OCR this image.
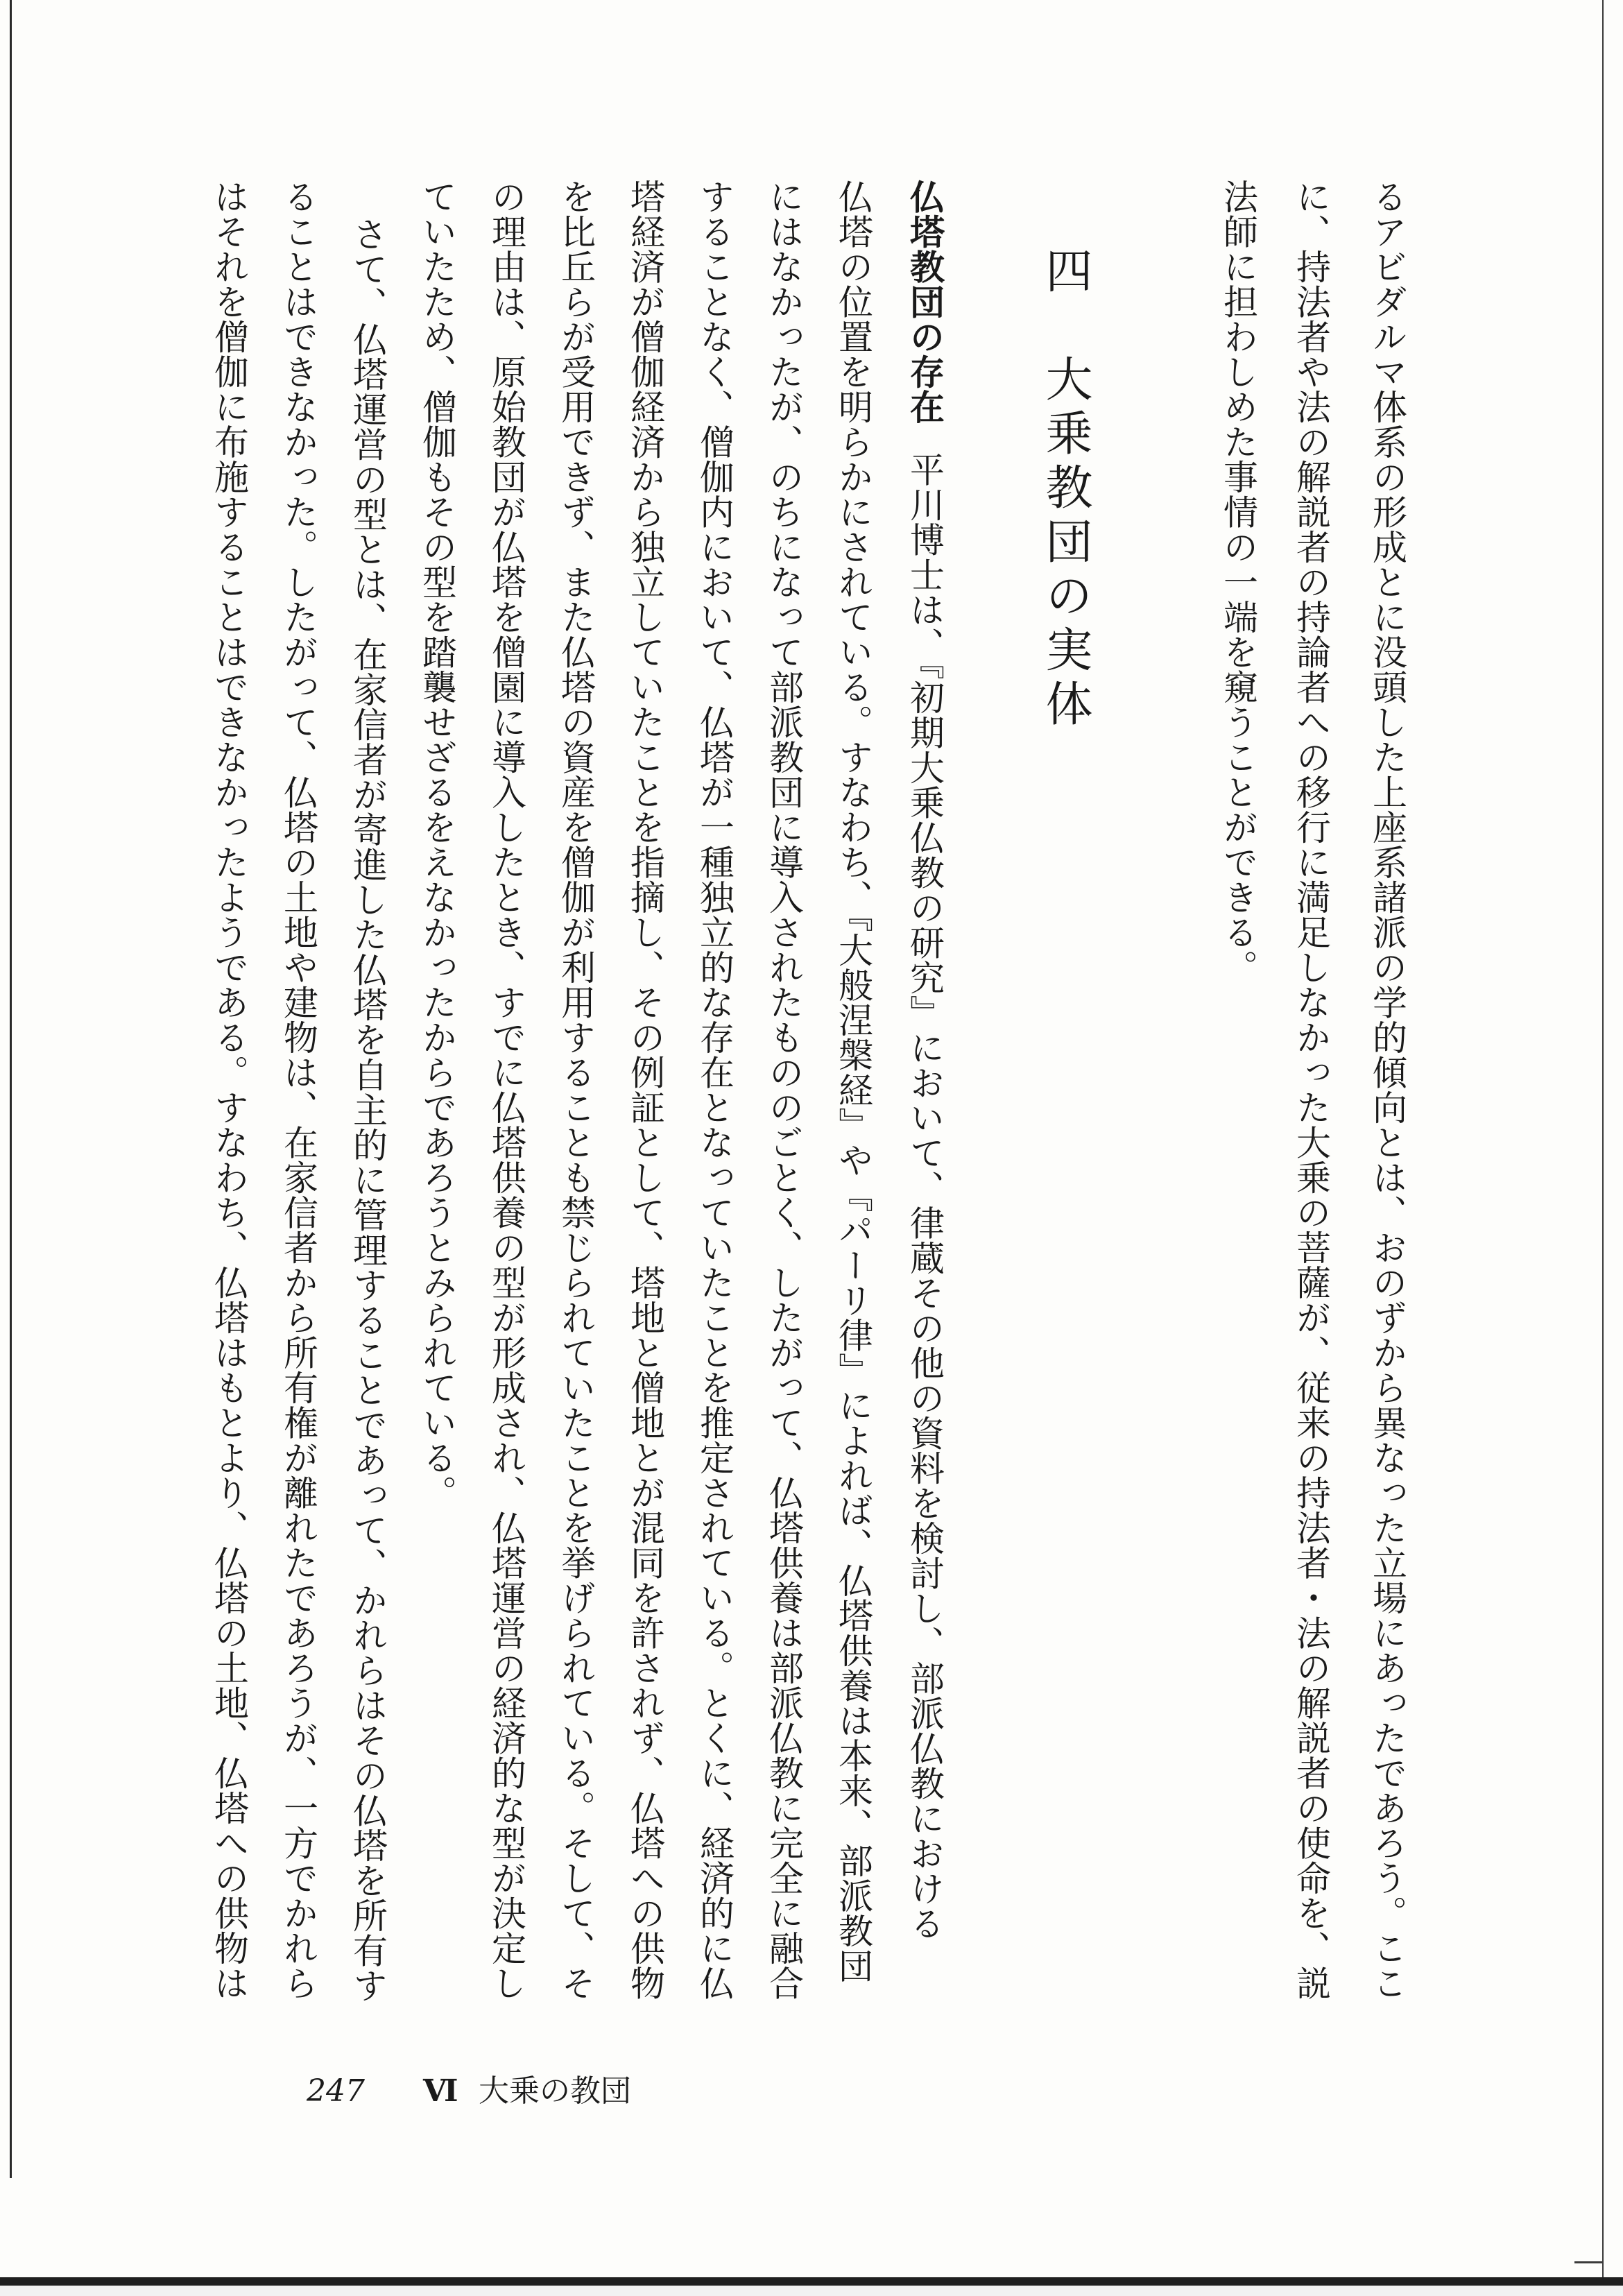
るアビダルマ体系の形成とに没頭した上座系諸派の学的傾向とは、おのずから異なった立場にあったであろう。ここ
に、持法者や法の解説者の持論者への移行に満足しなかった大乗の菩薩が、従来の持法者・法の解説者の使命を、説
法師に担わしめた事情の一端を窺うことができる。
四　大乗教団の実体
仏塔教団の存在平川博士は、『初期大乗仏教の研究』において、律蔵その他の資料を検討し、部派仏教における
仏塔の位置を明らかにされている。すなわち、『大般涅槃経』や『パーリ律』によれば、仏塔供養は本来、部派教団
にはなかったが、のちになって部派教団に導入されたもののごとく、したがって、仏塔供養は部派仏教に完全に融合
することなく、僧伽内において、仏塔が一種独立的な存在となっていたことを推定されている。とくに、経済的に仏
塔経済が僧伽経済から独立していたことを指摘し、その例証として、塔地と僧地とが混同を許されず、仏塔への供物
を比丘らが受用できず、また仏塔の資産を僧伽が利用することも禁じられていたことを挙げられている。そして、そ
の理由は、原始教団が仏塔を僧園に導入したとき、すでに仏塔供養の型が形成され、仏塔運営の経済的な型が決定し
ていたため、僧伽もその型を踏襲せざるをえなかったからであろうとみられている。
さて、仏塔運営の型とは、在家信者が寄進した仏塔を自主的に管理することであって、かれらはその仏塔を所有す
ることはできなかった。したがって、仏塔の土地や建物は、在家信者から所有権が離れたであろうが、一方でかれら
はそれを僧伽に布施することはできなかったようである。すなわち、仏塔はもとより、仏塔の土地、仏塔への供物は
247 Ⅵ 大乗の教団
